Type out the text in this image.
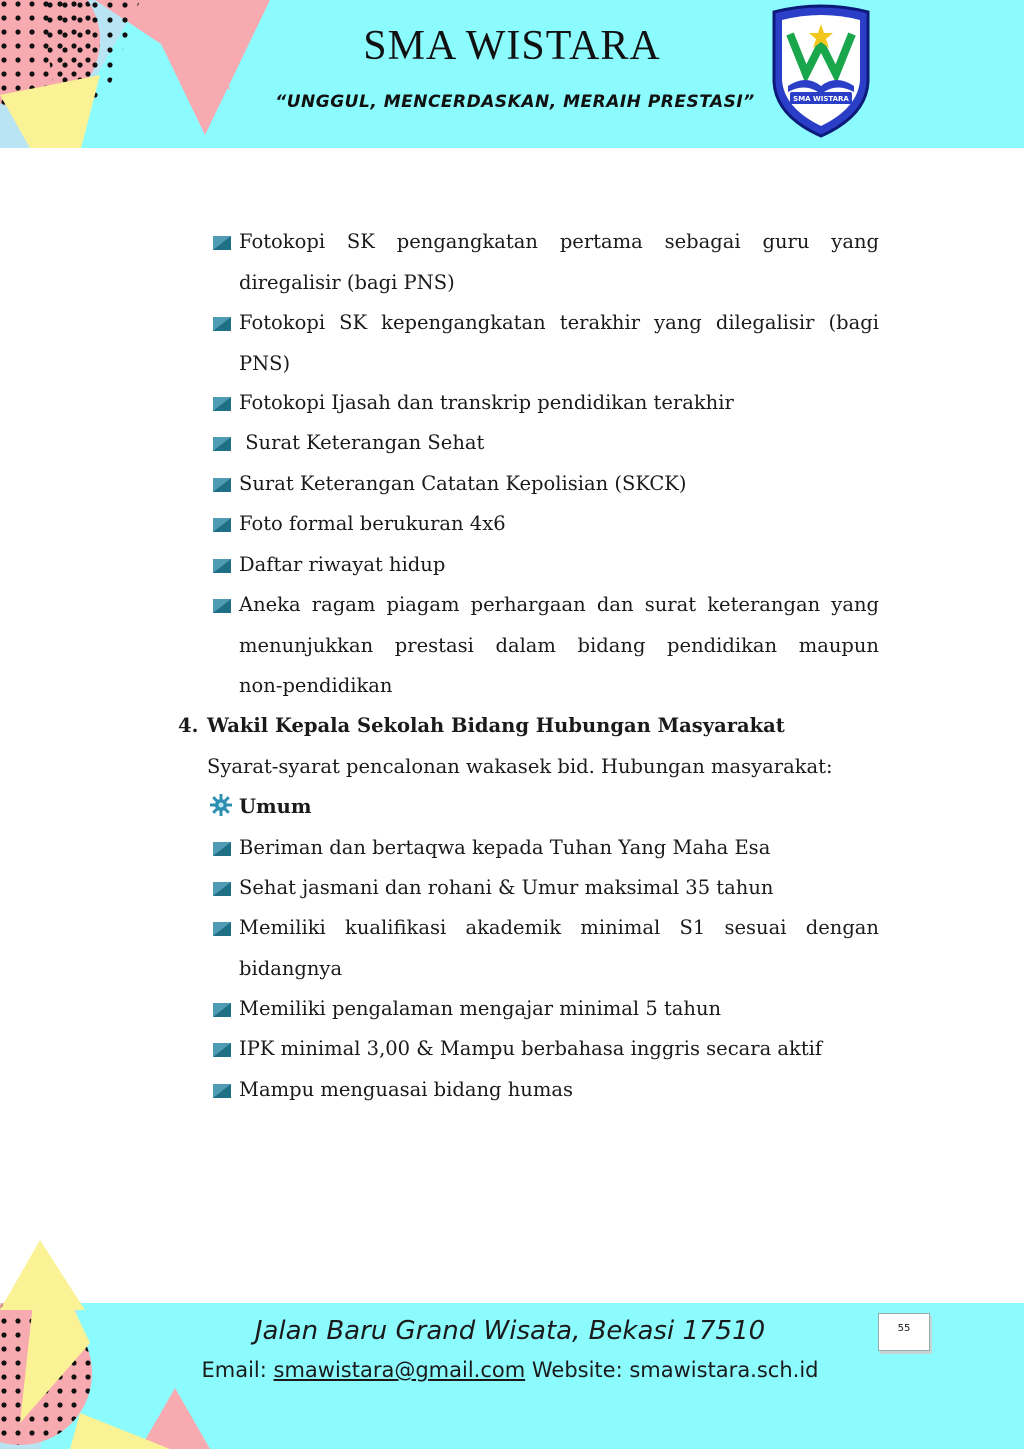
SMA WISTARA
“UNGGUL, MENCERDASKAN, MERAIH PRESTASI”	SMA WISTARA
Fotokopi SK pengangkatan pertama sebagai guru yang
diregalisir (bagi PNS)
Fotokopi SK kepengangkatan terakhir yang dilegalisir (bagi
PNS)
Fotokopi Ijasah dan transkrip pendidikan terakhir
Surat Keterangan Sehat
Surat Keterangan Catatan Kepolisian (SKCK)
Foto formal berukuran 4x6
Daftar riwayat hidup
Aneka ragam piagam perhargaan dan surat keterangan yang
menunjukkan prestasi dalam bidang pendidikan maupun
non-pendidikan
4. Wakil Kepala Sekolah Bidang Hubungan Masyarakat
Syarat-syarat pencalonan wakasek bid. Hubungan masyarakat:
Umum
Beriman dan bertaqwa kepada Tuhan Yang Maha Esa
Sehat jasmani dan rohani & Umur maksimal 35 tahun
Memiliki kualifikasi akademik minimal S1 sesuai dengan
bidangnya
Memiliki pengalaman mengajar minimal 5 tahun
IPK minimal 3,00 & Mampu berbahasa inggris secara aktif
Mampu menguasai bidang humas
Jalan Baru Grand Wisata, Bekasi 17510
Email: smawistara@gmail.com Website: smawistara.sch.id
55
